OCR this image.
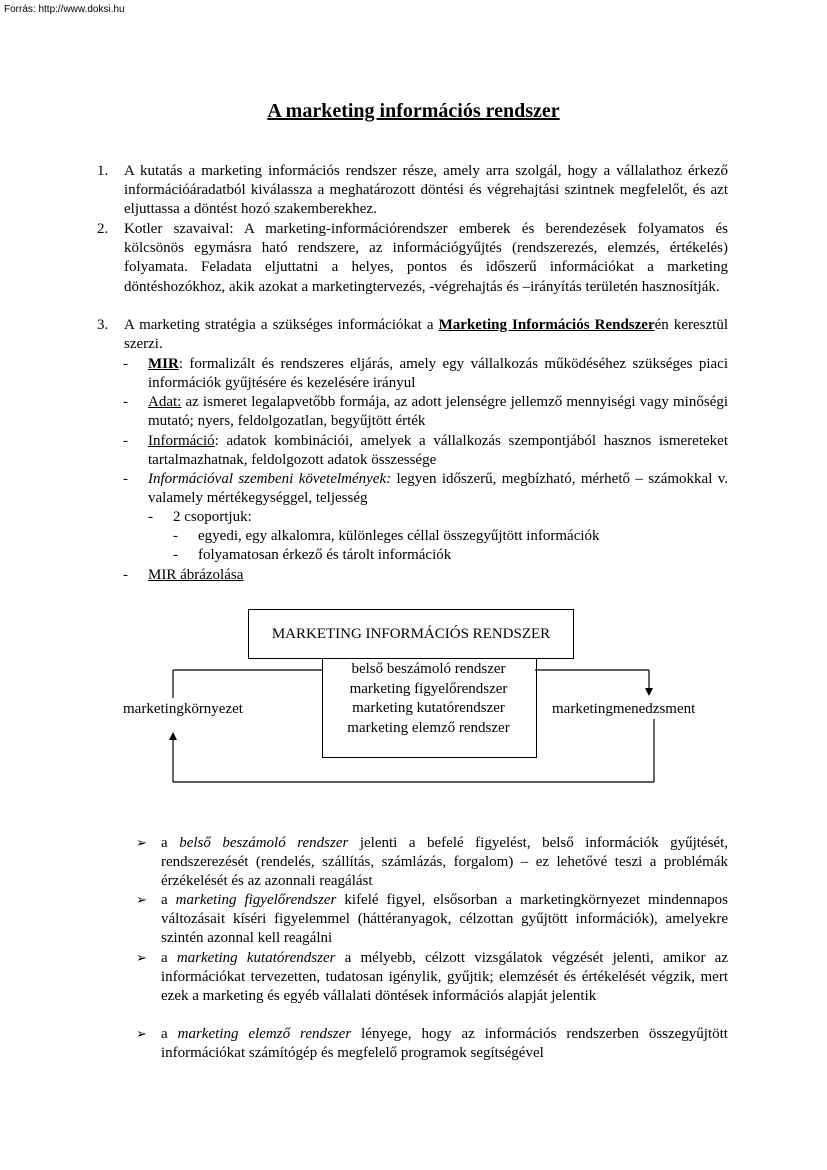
Forrás: http://www.doksi.hu
A marketing információs rendszer
1. A kutatás a marketing információs rendszer része, amely arra szolgál, hogy a vállalathoz érkező információáradatból kiválassza a meghatározott döntési és végrehajtási szintnek megfelelőt, és azt eljuttassa a döntést hozó szakemberekhez.
2. Kotler szavaival: A marketing-információrendszer emberek és berendezések folyamatos és kölcsönös egymásra ható rendszere, az információgyűjtés (rendszerezés, elemzés, értékelés) folyamata. Feladata eljuttatni a helyes, pontos és időszerű információkat a marketing döntéshozókhoz, akik azokat a marketingtervezés, -végrehajtás és –irányítás területén hasznosítják.
3. A marketing stratégia a szükséges információkat a Marketing Információs Rendszerén keresztül szerzi.
- MIR: formalizált és rendszeres eljárás, amely egy vállalkozás működéséhez szükséges piaci információk gyűjtésére és kezelésére irányul
- Adat: az ismeret legalapvetőbb formája, az adott jelenségre jellemző mennyiségi vagy minőségi mutató; nyers, feldolgozatlan, begyűjtött érték
- Információ: adatok kombinációi, amelyek a vállalkozás szempontjából hasznos ismereteket tartalmazhatnak, feldolgozott adatok összessége
- Információval szembeni követelmények: legyen időszerű, megbízható, mérhető – számokkal v. valamely mértékegységgel, teljesség
- 2 csoportjuk:
- egyedi, egy alkalomra, különleges céllal összegyűjtött információk
- folyamatosan érkező és tárolt információk
- MIR ábrázolása
MARKETING INFORMÁCIÓS RENDSZER
belső beszámoló rendszer
marketing figyelőrendszer
marketing kutatórendszer
marketing elemző rendszer
marketingkörnyezet	marketingmenedzsment
➢ a belső beszámoló rendszer jelenti a befelé figyelést, belső információk gyűjtését, rendszerezését (rendelés, szállítás, számlázás, forgalom) – ez lehetővé teszi a problémák érzékelését és az azonnali reagálást
➢ a marketing figyelőrendszer kifelé figyel, elsősorban a marketingkörnyezet mindennapos változásait kíséri figyelemmel (háttéranyagok, célzottan gyűjtött információk), amelyekre szintén azonnal kell reagálni
➢ a marketing kutatórendszer a mélyebb, célzott vizsgálatok végzését jelenti, amikor az információkat tervezetten, tudatosan igénylik, gyűjtik; elemzését és értékelését végzik, mert ezek a marketing és egyéb vállalati döntések információs alapját jelentik
➢ a marketing elemző rendszer lényege, hogy az információs rendszerben összegyűjtött információkat számítógép és megfelelő programok segítségével
